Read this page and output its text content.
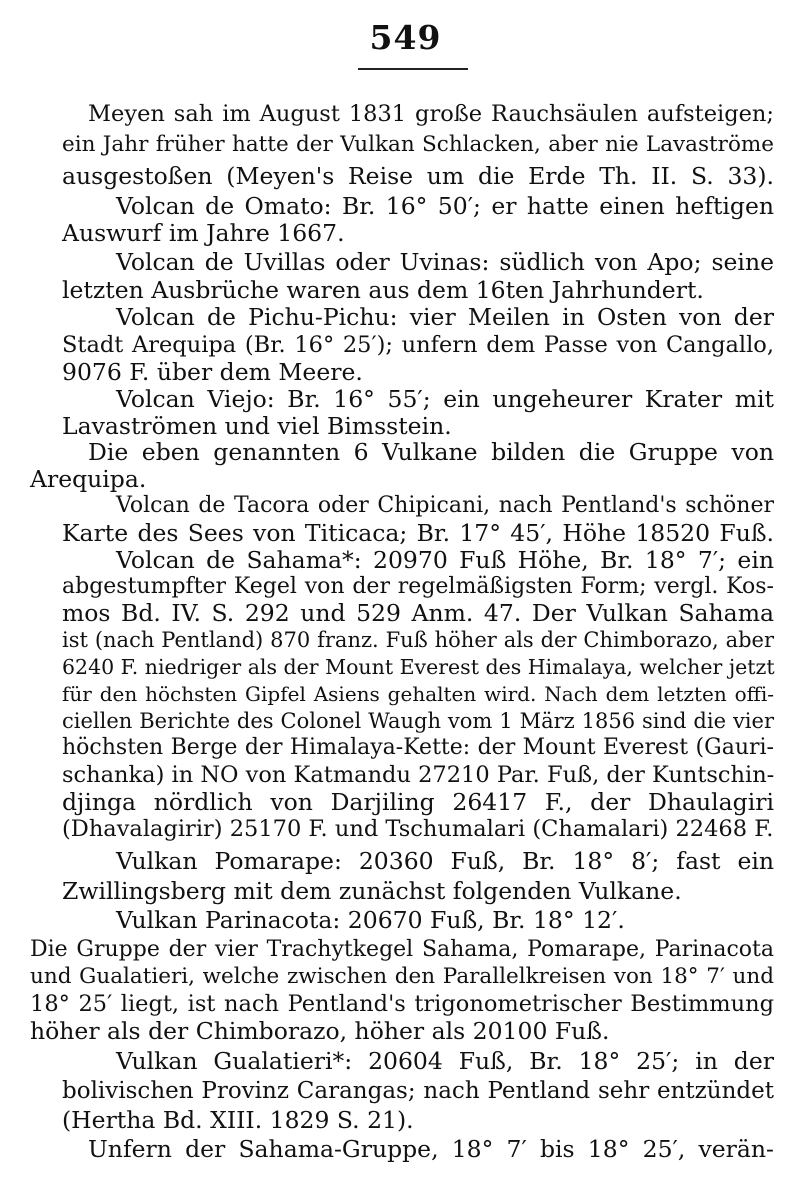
549
Meyen sah im August 1831 große Rauchsäulen aufsteigen;
ein Jahr früher hatte der Vulkan Schlacken, aber nie Lavaströme
ausgestoßen (Meyen's Reise um die Erde Th. II. S. 33).
Volcan de Omato: Br. 16° 50′; er hatte einen heftigen
Auswurf im Jahre 1667.
Volcan de Uvillas oder Uvinas: südlich von Apo; seine
letzten Ausbrüche waren aus dem 16ten Jahrhundert.
Volcan de Pichu-Pichu: vier Meilen in Osten von der
Stadt Arequipa (Br. 16° 25′); unfern dem Passe von Cangallo,
9076 F. über dem Meere.
Volcan Viejo: Br. 16° 55′; ein ungeheurer Krater mit
Lavaströmen und viel Bimsstein.
Die eben genannten 6 Vulkane bilden die Gruppe von
Arequipa.
Volcan de Tacora oder Chipicani, nach Pentland's schöner
Karte des Sees von Titicaca; Br. 17° 45′, Höhe 18520 Fuß.
Volcan de Sahama*: 20970 Fuß Höhe, Br. 18° 7′; ein
abgestumpfter Kegel von der regelmäßigsten Form; vergl. Kos-
mos Bd. IV. S. 292 und 529 Anm. 47. Der Vulkan Sahama
ist (nach Pentland) 870 franz. Fuß höher als der Chimborazo, aber
6240 F. niedriger als der Mount Everest des Himalaya, welcher jetzt
für den höchsten Gipfel Asiens gehalten wird. Nach dem letzten offi-
ciellen Berichte des Colonel Waugh vom 1 März 1856 sind die vier
höchsten Berge der Himalaya-Kette: der Mount Everest (Gauri-
schanka) in NO von Katmandu 27210 Par. Fuß, der Kuntschin-
djinga nördlich von Darjiling 26417 F., der Dhaulagiri
(Dhavalagirir) 25170 F. und Tschumalari (Chamalari) 22468 F.
Vulkan Pomarape: 20360 Fuß, Br. 18° 8′; fast ein
Zwillingsberg mit dem zunächst folgenden Vulkane.
Vulkan Parinacota: 20670 Fuß, Br. 18° 12′.
Die Gruppe der vier Trachytkegel Sahama, Pomarape, Parinacota
und Gualatieri, welche zwischen den Parallelkreisen von 18° 7′ und
18° 25′ liegt, ist nach Pentland's trigonometrischer Bestimmung
höher als der Chimborazo, höher als 20100 Fuß.
Vulkan Gualatieri*: 20604 Fuß, Br. 18° 25′; in der
bolivischen Provinz Carangas; nach Pentland sehr entzündet
(Hertha Bd. XIII. 1829 S. 21).
Unfern der Sahama-Gruppe, 18° 7′ bis 18° 25′, verän-
